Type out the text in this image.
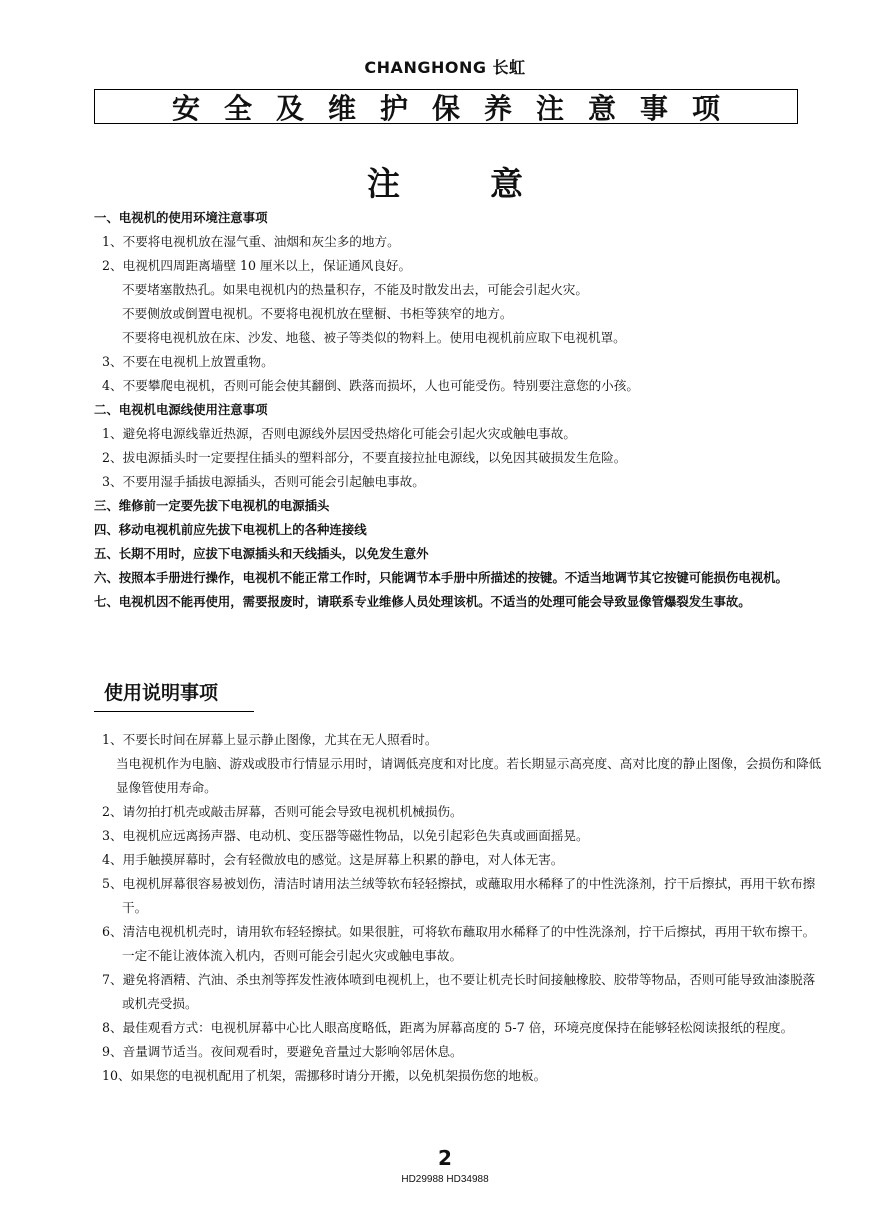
CHANGHONG 长虹
安全及维护保养注意事项
注意
一、电视机的使用环境注意事项
1、不要将电视机放在湿气重、油烟和灰尘多的地方。
2、电视机四周距离墙壁 10 厘米以上，保证通风良好。
不要堵塞散热孔。如果电视机内的热量积存，不能及时散发出去，可能会引起火灾。
不要侧放或倒置电视机。不要将电视机放在壁橱、书柜等狭窄的地方。
不要将电视机放在床、沙发、地毯、被子等类似的物料上。使用电视机前应取下电视机罩。
3、不要在电视机上放置重物。
4、不要攀爬电视机，否则可能会使其翻倒、跌落而损坏，人也可能受伤。特别要注意您的小孩。
二、电视机电源线使用注意事项
1、避免将电源线靠近热源，否则电源线外层因受热熔化可能会引起火灾或触电事故。
2、拔电源插头时一定要捏住插头的塑料部分，不要直接拉扯电源线，以免因其破损发生危险。
3、不要用湿手插拔电源插头，否则可能会引起触电事故。
三、维修前一定要先拔下电视机的电源插头
四、移动电视机前应先拔下电视机上的各种连接线
五、长期不用时，应拔下电源插头和天线插头，以免发生意外
六、按照本手册进行操作，电视机不能正常工作时，只能调节本手册中所描述的按键。不适当地调节其它按键可能损伤电视机。
七、电视机因不能再使用，需要报废时，请联系专业维修人员处理该机。不适当的处理可能会导致显像管爆裂发生事故。
使用说明事项
1、不要长时间在屏幕上显示静止图像，尤其在无人照看时。
当电视机作为电脑、游戏或股市行情显示用时，请调低亮度和对比度。若长期显示高亮度、高对比度的静止图像，会损伤和降低显像管使用寿命。
2、请勿拍打机壳或敲击屏幕，否则可能会导致电视机机械损伤。
3、电视机应远离扬声器、电动机、变压器等磁性物品，以免引起彩色失真或画面摇晃。
4、用手触摸屏幕时，会有轻微放电的感觉。这是屏幕上积累的静电，对人体无害。
5、电视机屏幕很容易被划伤，清洁时请用法兰绒等软布轻轻擦拭，或蘸取用水稀释了的中性洗涤剂，拧干后擦拭，再用干软布擦干。
6、清洁电视机机壳时，请用软布轻轻擦拭。如果很脏，可将软布蘸取用水稀释了的中性洗涤剂，拧干后擦拭，再用干软布擦干。一定不能让液体流入机内，否则可能会引起火灾或触电事故。
7、避免将酒精、汽油、杀虫剂等挥发性液体喷到电视机上，也不要让机壳长时间接触橡胶、胶带等物品，否则可能导致油漆脱落或机壳受损。
8、最佳观看方式：电视机屏幕中心比人眼高度略低，距离为屏幕高度的 5-7 倍，环境亮度保持在能够轻松阅读报纸的程度。
9、音量调节适当。夜间观看时，要避免音量过大影响邻居休息。
10、如果您的电视机配用了机架，需挪移时请分开搬，以免机架损伤您的地板。
2
HD29988 HD34988
